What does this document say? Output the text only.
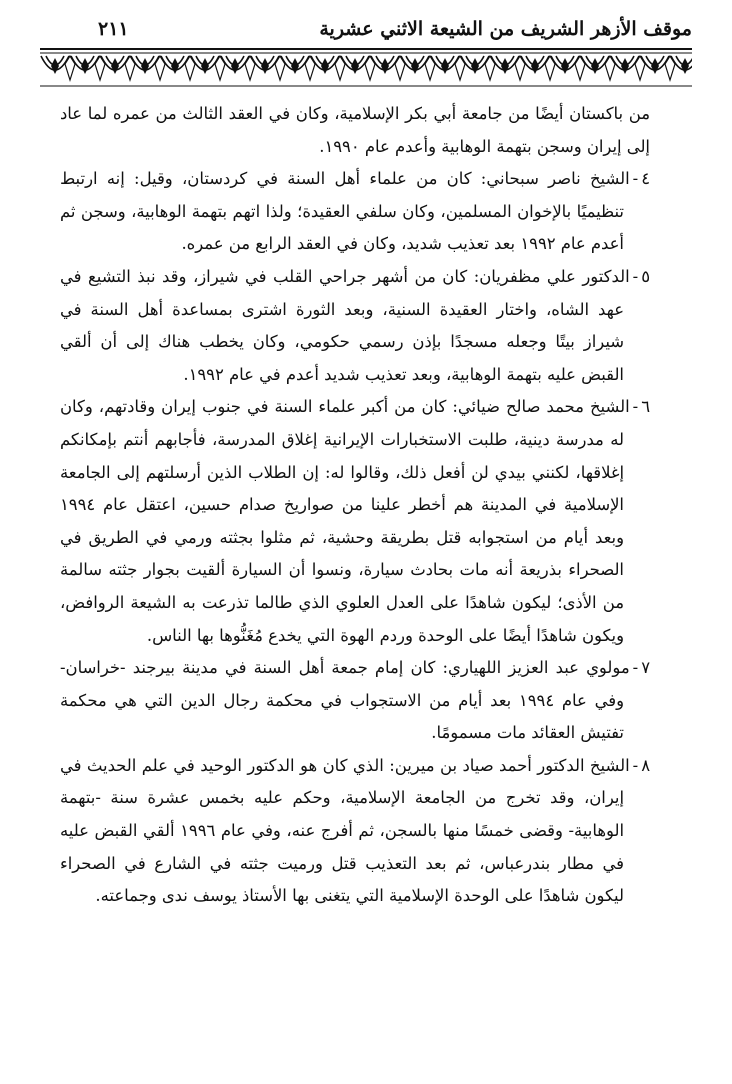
موقف الأزهر الشريف من الشيعة الاثني عشرية
٢١١

من باكستان أيضًا من جامعة أبي بكر الإسلامية، وكان في العقد الثالث من عمره لما عاد إلى إيران وسجن بتهمة الوهابية وأعدم عام ١٩٩٠.

٤-الشيخ ناصر سبحاني: كان من علماء أهل السنة في كردستان، وقيل: إنه ارتبط تنظيميًا بالإخوان المسلمين، وكان سلفي العقيدة؛ ولذا اتهم بتهمة الوهابية، وسجن ثم أعدم عام ١٩٩٢ بعد تعذيب شديد، وكان في العقد الرابع من عمره.

٥-الدكتور علي مظفريان: كان من أشهر جراحي القلب في شيراز، وقد نبذ التشيع في عهد الشاه، واختار العقيدة السنية، وبعد الثورة اشترى بمساعدة أهل السنة في شيراز بيتًا وجعله مسجدًا بإذن رسمي حكومي، وكان يخطب هناك إلى أن ألقي القبض عليه بتهمة الوهابية، وبعد تعذيب شديد أعدم في عام ١٩٩٢.

٦-الشيخ محمد صالح ضيائي: كان من أكبر علماء السنة في جنوب إيران وقادتهم، وكان له مدرسة دينية، طلبت الاستخبارات الإيرانية إغلاق المدرسة، فأجابهم أنتم بإمكانكم إغلاقها، لكنني بيدي لن أفعل ذلك، وقالوا له: إن الطلاب الذين أرسلتهم إلى الجامعة الإسلامية في المدينة هم أخطر علينا من صواريخ صدام حسين، اعتقل عام ١٩٩٤ وبعد أيام من استجوابه قتل بطريقة وحشية، ثم مثلوا بجثته ورمي في الطريق في الصحراء بذريعة أنه مات بحادث سيارة، ونسوا أن السيارة ألقيت بجوار جثته سالمة من الأذى؛ ليكون شاهدًا على العدل العلوي الذي طالما تذرعت به الشيعة الروافض، ويكون شاهدًا أيضًا على الوحدة وردم الهوة التي يخدع مُغَنُّوها بها الناس.

٧-مولوي عبد العزيز اللهياري: كان إمام جمعة أهل السنة في مدينة بيرجند -خراسان- وفي عام ١٩٩٤ بعد أيام من الاستجواب في محكمة رجال الدين التي هي محكمة تفتيش العقائد مات مسمومًا.

٨-الشيخ الدكتور أحمد صياد بن ميرين: الذي كان هو الدكتور الوحيد في علم الحديث في إيران، وقد تخرج من الجامعة الإسلامية، وحكم عليه بخمس عشرة سنة -بتهمة الوهابية- وقضى خمسًا منها بالسجن، ثم أفرج عنه، وفي عام ١٩٩٦ ألقي القبض عليه في مطار بندرعباس، ثم بعد التعذيب قتل ورميت جثته في الشارع في الصحراء ليكون شاهدًا على الوحدة الإسلامية التي يتغنى بها الأستاذ يوسف ندى وجماعته.
